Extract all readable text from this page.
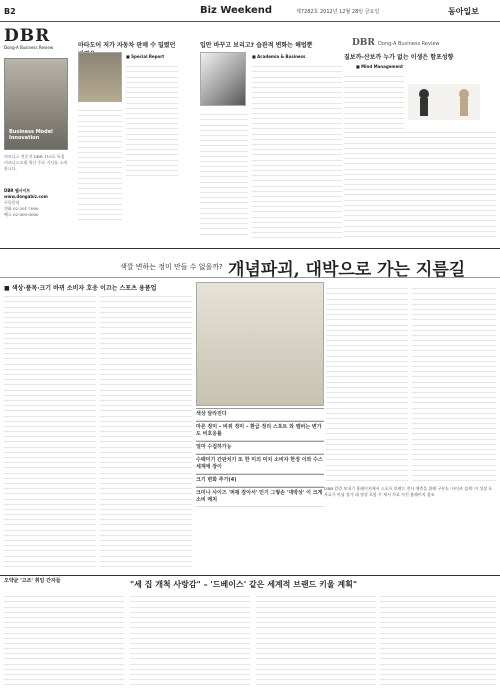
B2	Biz Weekend	제7282호 2012년 12월 28일 금요일	동아일보
DBR
Dong-A Business Review
Business Model Innovation
비즈니스 전문지 DBR 119호 특집 비즈니스모델 혁신 주요 기사를 소개합니다.
DBR 웹사이트
www.dongabiz.com
구독문의
전화 02-201-7000
팩스 02-000-0000
마타도어 저가 자동차 판매 수 밀렸던
■ Special Report
입만 바꾸고 보리고? 습관적 변화는 해법뿐
■ Academia & Business
DBR Dong-A Business Review
질보까-산보까 누가 없는 이생은 함포성향
■ Mind Management
색깔 변하는 정미 만들 수 없을까? 개념파괴, 대박으로 가는 지름길
■ 색상·품목·크기 바뀌 소비자 호응 이끄는 스포츠 용품업
색상 달라진다
마른 정미 – 바뀌 정미 – 환급 정리 스포트 와 멤비는 변가도 비호응률
얼마 수집하가능
수팩미기 간판치기 또 한 미의 미치 소비자 한정 이와 수스 세계에 장이
크기 변화 추가(4)
크미나 사이즈 '퍼펑 잠아서' 민기 그렇손 '대박상' 이 크게 소비 매처
DBR 칼럼 보내기 홈페이지에서 스포츠 브랜드 전사 예측을 위해 구본도 '사이즈 검색' 이 성장 포 자료가 아님 상가 대 정성 포함 주 제시 자료 사진 홈페이지 참조
오약균 '고조' 취임 간자들	"세 집 개척 사랑감" – '드베이스' 같은 세계적 브랜드 키울 계획"
